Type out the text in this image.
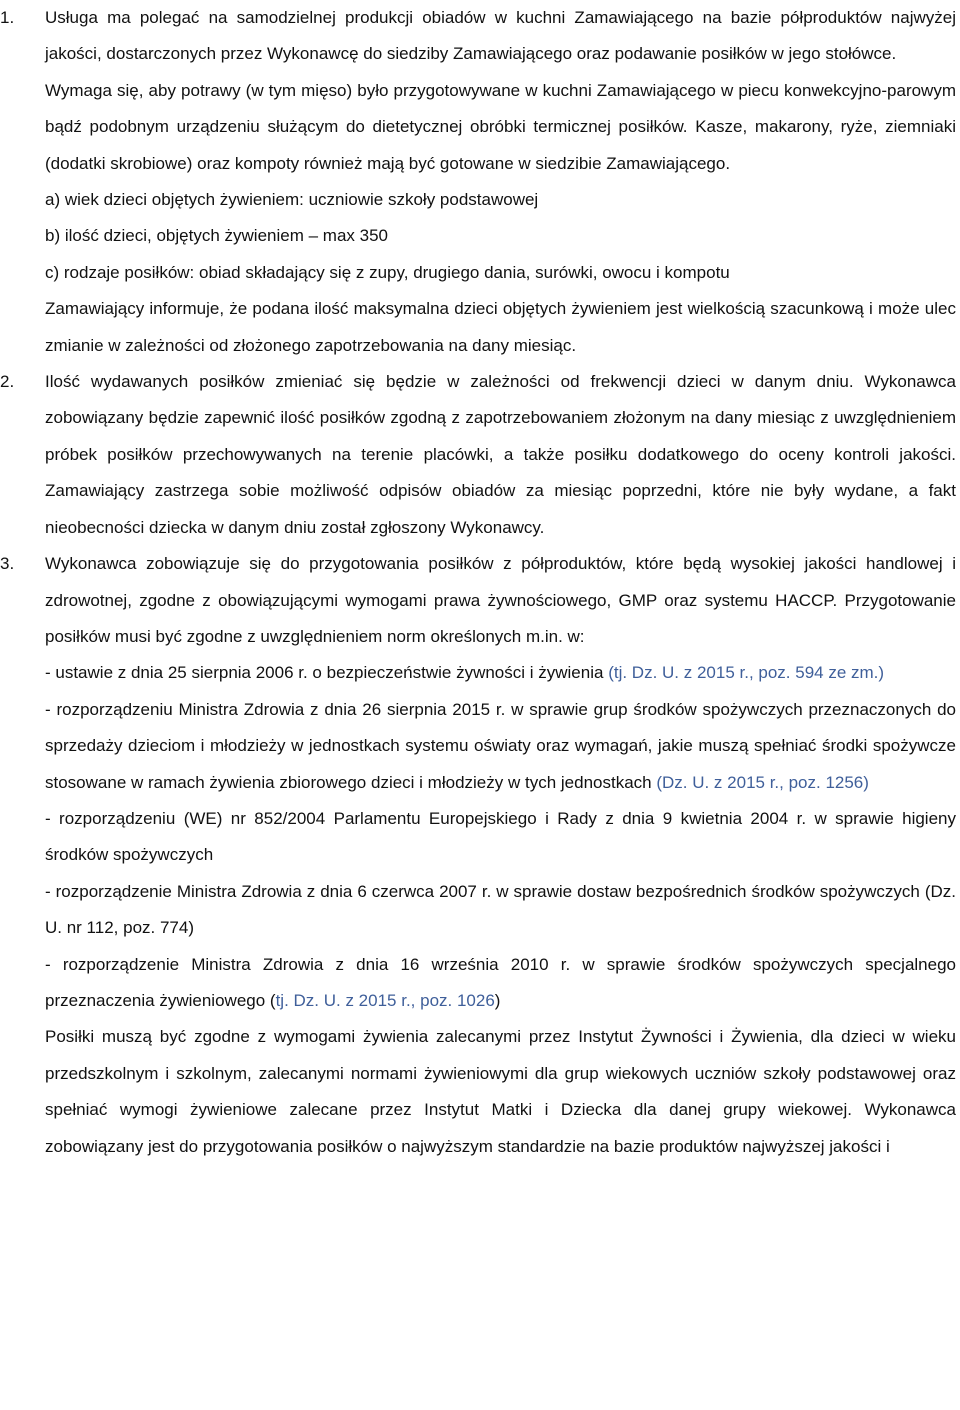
1. Usługa ma polegać na samodzielnej produkcji obiadów w kuchni Zamawiającego na bazie półproduktów najwyżej jakości, dostarczonych przez Wykonawcę do siedziby Zamawiającego oraz podawanie posiłków w jego stołówce.

Wymaga się, aby potrawy (w tym mięso) było przygotowywane w kuchni Zamawiającego w piecu konwekcyjno-parowym bądź podobnym urządzeniu służącym do dietetycznej obróbki termicznej posiłków. Kasze, makarony, ryże, ziemniaki (dodatki skrobiowe) oraz kompoty również mają być gotowane w siedzibie Zamawiającego.

a) wiek dzieci objętych żywieniem: uczniowie szkoły podstawowej

b) ilość dzieci, objętych żywieniem – max 350

c) rodzaje posiłków: obiad składający się z zupy, drugiego dania, surówki, owocu i kompotu

Zamawiający informuje, że podana ilość maksymalna dzieci objętych żywieniem jest wielkością szacunkową i może ulec zmianie w zależności od złożonego zapotrzebowania na dany miesiąc.

2. Ilość wydawanych posiłków zmieniać się będzie w zależności od frekwencji dzieci w danym dniu. Wykonawca zobowiązany będzie zapewnić ilość posiłków zgodną z zapotrzebowaniem złożonym na dany miesiąc z uwzględnieniem próbek posiłków przechowywanych na terenie placówki, a także posiłku dodatkowego do oceny kontroli jakości. Zamawiający zastrzega sobie możliwość odpisów obiadów za miesiąc poprzedni, które nie były wydane, a fakt nieobecności dziecka w danym dniu został zgłoszony Wykonawcy.

3. Wykonawca zobowiązuje się do przygotowania posiłków z półproduktów, które będą wysokiej jakości handlowej i zdrowotnej, zgodne z obowiązującymi wymogami prawa żywnościowego, GMP oraz systemu HACCP. Przygotowanie posiłków musi być zgodne z uwzględnieniem norm określonych m.in. w:

- ustawie z dnia 25 sierpnia 2006 r. o bezpieczeństwie żywności i żywienia (tj. Dz. U. z 2015 r., poz. 594 ze zm.)

- rozporządzeniu Ministra Zdrowia z dnia 26 sierpnia 2015 r. w sprawie grup środków spożywczych przeznaczonych do sprzedaży dzieciom i młodzieży w jednostkach systemu oświaty oraz wymagań, jakie muszą spełniać środki spożywcze stosowane w ramach żywienia zbiorowego dzieci i młodzieży w tych jednostkach (Dz. U. z 2015 r., poz. 1256)

- rozporządzeniu (WE) nr 852/2004 Parlamentu Europejskiego i Rady z dnia 9 kwietnia 2004 r. w sprawie higieny środków spożywczych

- rozporządzenie Ministra Zdrowia z dnia 6 czerwca 2007 r. w sprawie dostaw bezpośrednich środków spożywczych (Dz. U. nr 112, poz. 774)

- rozporządzenie Ministra Zdrowia z dnia 16 września 2010 r. w sprawie środków spożywczych specjalnego przeznaczenia żywieniowego (tj. Dz. U. z 2015 r., poz. 1026)

Posiłki muszą być zgodne z wymogami żywienia zalecanymi przez Instytut Żywności i Żywienia, dla dzieci w wieku przedszkolnym i szkolnym, zalecanymi normami żywieniowymi dla grup wiekowych uczniów szkoły podstawowej oraz spełniać wymogi żywieniowe zalecane przez Instytut Matki i Dziecka dla danej grupy wiekowej. Wykonawca zobowiązany jest do przygotowania posiłków o najwyższym standardzie na bazie produktów najwyższej jakości i
